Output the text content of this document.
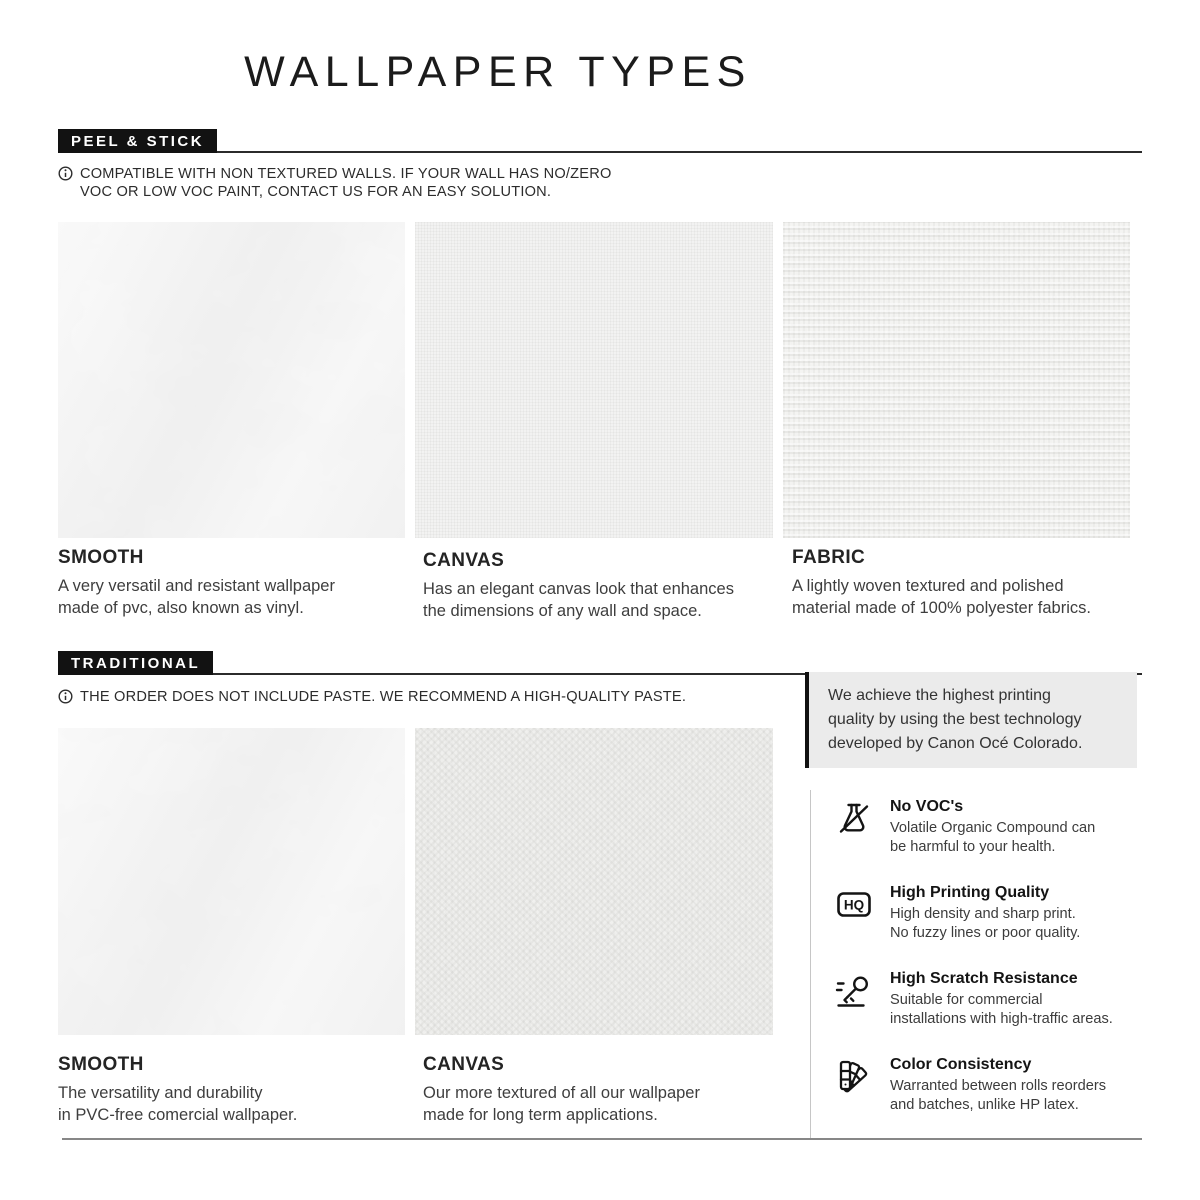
WALLPAPER TYPES
PEEL & STICK
COMPATIBLE WITH NON TEXTURED WALLS. IF YOUR WALL HAS NO/ZERO
VOC OR LOW VOC PAINT, CONTACT US FOR AN EASY SOLUTION.
SMOOTH
A very versatil and resistant wallpaper
made of pvc, also known as vinyl.
CANVAS
Has an elegant canvas look that enhances
the dimensions of any wall and space.
FABRIC
A lightly woven textured and polished
material made of 100% polyester fabrics.
TRADITIONAL
THE ORDER DOES NOT INCLUDE PASTE. WE RECOMMEND A HIGH-QUALITY PASTE.
SMOOTH
The versatility and durability
in PVC-free comercial wallpaper.
CANVAS
Our more textured of all our wallpaper
made for long term applications.
We achieve the highest printing
quality by using the best technology
developed by Canon Océ Colorado.
No VOC's
Volatile Organic Compound can
be harmful to your health.
HQ
High Printing Quality
High density and sharp print.
No fuzzy lines or poor quality.
High Scratch Resistance
Suitable for commercial
installations with high-traffic areas.
Color Consistency
Warranted between rolls reorders
and batches, unlike HP latex.
